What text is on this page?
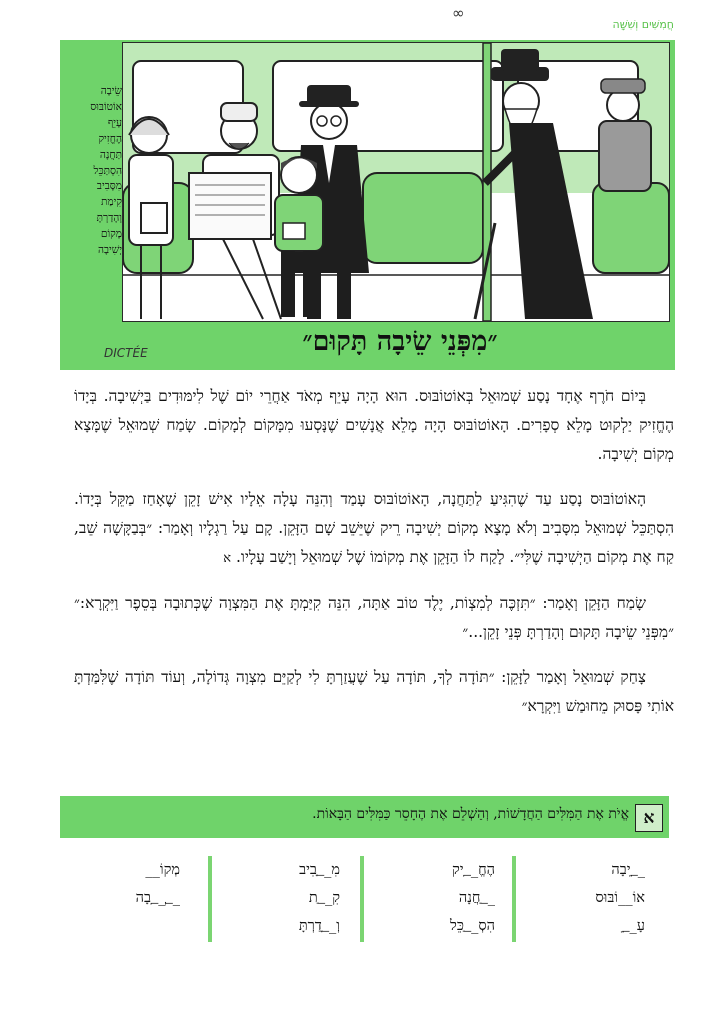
חֲמִשִּׁים וְשִׁשָּׁה
∞
שֵׂיבָה
אוֹטוֹבּוּס
עָיֵף
הֶחֱזִיק
תַּחֲנָה
הִסְתַּכֵּל
מִסָּבִיב
קִימַת
וְהָדַרְתָּ
מָקוֹם
יְשִׁיבָה
״מִפְּנֵי שֵׂיבָה תָּקוּם״
DICTÉE

בְּיוֹם חֹרֶף אֶחָד נָסַע שְׁמוּאֵל בְּאוֹטוֹבּוּס. הוּא הָיָה עָיֵף מְאֹד אַחֲרֵי יוֹם שֶׁל לִימּוּדִים בַּיְשִׁיבָה. בְּיָדוֹ הֶחֱזִיק יַלְקוּט מָלֵא סְפָרִים. הָאוֹטוֹבּוּס הָיָה מָלֵא אֲנָשִׁים שֶׁנָּסְעוּ מִמָּקוֹם לְמָקוֹם. שָׂמַח שְׁמוּאֵל שֶׁמָּצָא מְקוֹם יְשִׁיבָה.

הָאוֹטוֹבּוּס נָסַע עַד שֶׁהִגִּיעַ לַתַּחֲנָה, הָאוֹטוֹבּוּס עָמַד וְהִנֵּה עָלָה אֵלָיו אִישׁ זָקֵן שֶׁאָחַז מַקֵּל בְּיָדוֹ. הִסְתַּכֵּל שְׁמוּאֵל מִסָּבִיב וְלֹא מָצָא מְקוֹם יְשִׁיבָה רֵיק שֶׁיֵּשֵׁב שָׁם הַזָּקֵן. קָם עַל רַגְלָיו וְאָמַר: ״בְּבַקָּשָׁה שֵׁב, קַח אֶת מְקוֹם הַיְשִׁיבָה שֶׁלִּי״. לָקַח לוֹ הַזָּקֵן אֶת מְקוֹמוֹ שֶׁל שְׁמוּאֵל וְיָשַׁב עָלָיו. א

שָׂמַח הַזָּקֵן וְאָמַר: ״תִּזְכֶּה לְמִצְוֹת, יֶלֶד טוֹב אַתָּה, הִנֵּה קִיַּמְתָּ אֶת הַמִּצְוָה שֶׁכְּתוּבָה בְּסֵפֶר וַיִּקְרָא:״ ״מִפְּנֵי שֵׂיבָה תָּקוּם וְהָדַרְתָּ פְּנֵי זָקֵן...״

צָחַק שְׁמוּאֵל וְאָמַר לַזָּקֵן: ״תּוֹדָה לְךָ, תּוֹדָה עַל שֶׁעֲזַרְתָּ לִי לְקַיֵּם מִצְוָה גְּדוֹלָה, וְעוֹד תּוֹדָה שֶׁלִּמַּדְתָּ אוֹתִי פָּסוּק מֵחוּמַשׁ וַיִּקְרָא״

א
אֱיֹת אֶת הַמִּלִּים הַחֲדָשׁוֹת, וְהַשְׁלֵם אֶת הֶחָסֵר כַּמִּלִּים הַבָּאוֹת.
__ֵיבָה
אוֹ__וֹבּוּס
עָ__ֵ
הֶחֱ__ִיק
__ַחֲנָה
הִסְ__ַכֵּל
מִ__ָבִיב
קִ__ַת
וְ__ָדַרְתָּ
מְקוֹ__
__ְ__ִבָה
